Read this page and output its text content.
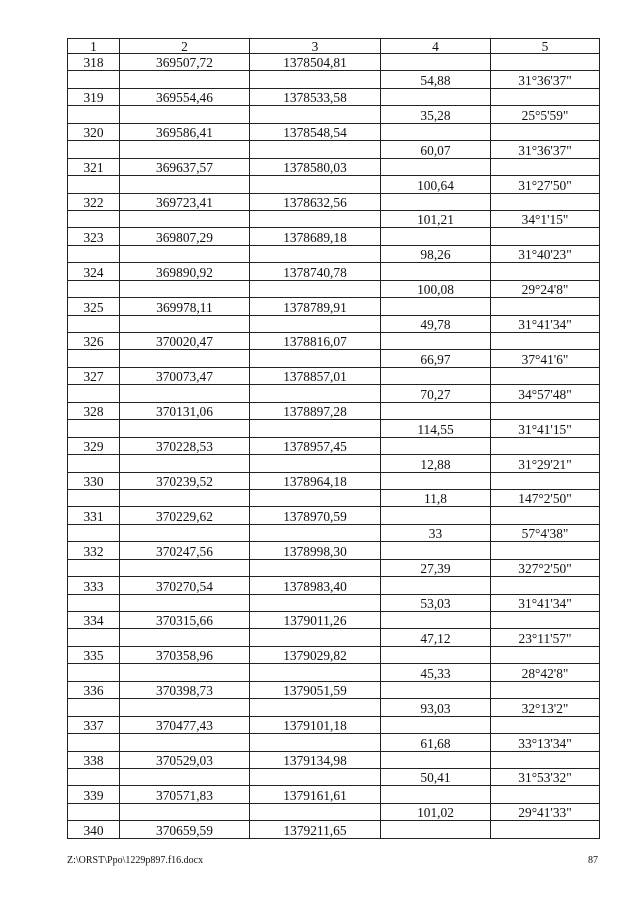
1	2	3	4	5
318	369507,72	1378504,81		
			54,88	31°36'37"
319	369554,46	1378533,58		
			35,28	25°5'59"
320	369586,41	1378548,54		
			60,07	31°36'37"
321	369637,57	1378580,03		
			100,64	31°27'50"
322	369723,41	1378632,56		
			101,21	34°1'15"
323	369807,29	1378689,18		
			98,26	31°40'23"
324	369890,92	1378740,78		
			100,08	29°24'8"
325	369978,11	1378789,91		
			49,78	31°41'34"
326	370020,47	1378816,07		
			66,97	37°41'6"
327	370073,47	1378857,01		
			70,27	34°57'48"
328	370131,06	1378897,28		
			114,55	31°41'15"
329	370228,53	1378957,45		
			12,88	31°29'21"
330	370239,52	1378964,18		
			11,8	147°2'50"
331	370229,62	1378970,59		
			33	57°4'38"
332	370247,56	1378998,30		
			27,39	327°2'50"
333	370270,54	1378983,40		
			53,03	31°41'34"
334	370315,66	1379011,26		
			47,12	23°11'57"
335	370358,96	1379029,82		
			45,33	28°42'8"
336	370398,73	1379051,59		
			93,03	32°13'2"
337	370477,43	1379101,18		
			61,68	33°13'34"
338	370529,03	1379134,98		
			50,41	31°53'32"
339	370571,83	1379161,61		
			101,02	29°41'33"
340	370659,59	1379211,65		
Z:\ORST\Ppo\1229p897.f16.docx	87
